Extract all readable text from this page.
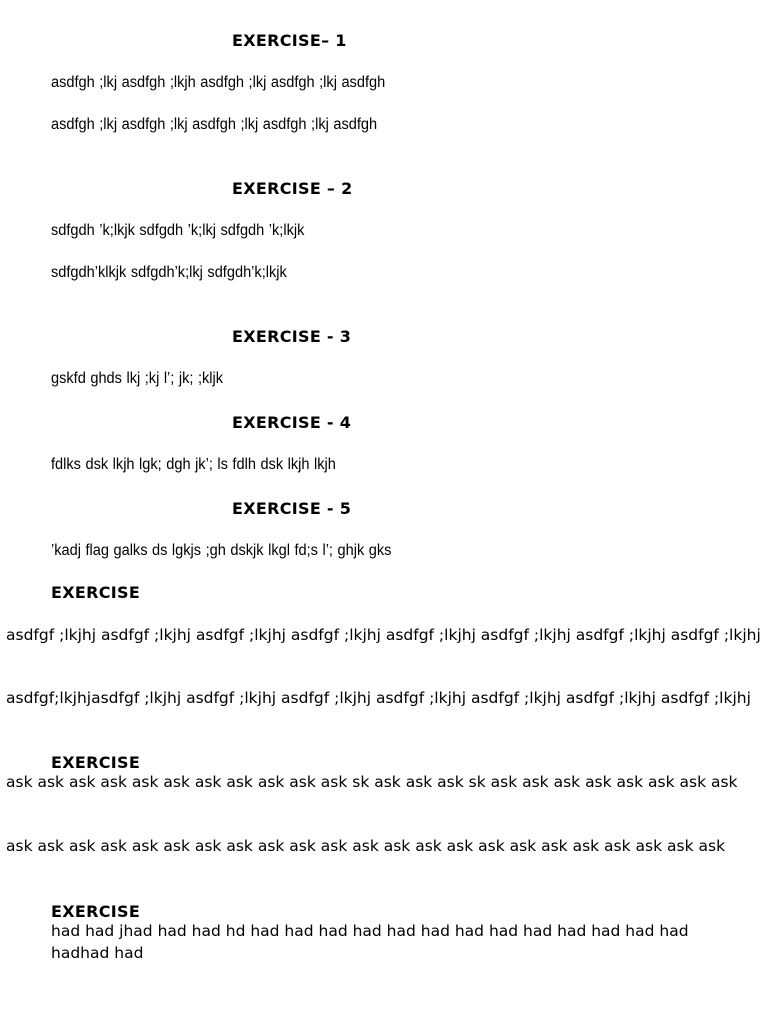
EXERCISE– 1
asdfgh ;lkj asdfgh ;lkjh asdfgh ;lkj asdfgh ;lkj asdfgh
asdfgh ;lkj asdfgh ;lkj asdfgh ;lkj asdfgh ;lkj asdfgh
EXERCISE – 2
sdfgdh ’k;lkjk sdfgdh ’k;lkj sdfgdh ’k;lkjk
sdfgdh’klkjk sdfgdh’k;lkj sdfgdh’k;lkjk
EXERCISE - 3
gskfd ghds lkj ;kj l’; jk; ;kljk
EXERCISE - 4
fdlks dsk lkjh lgk; dgh jk’; ls fdlh dsk lkjh lkjh
EXERCISE - 5
’kadj flag galks ds lgkjs ;gh dskjk lkgl fd;s l’; ghjk gks
EXERCISE

asdfgf ;lkjhj asdfgf ;lkjhj asdfgf ;lkjhj asdfgf ;lkjhj asdfgf ;lkjhj asdfgf ;lkjhj asdfgf ;lkjhj asdfgf ;lkjhj

asdfgf;lkjhjasdfgf ;lkjhj asdfgf ;lkjhj asdfgf ;lkjhj asdfgf ;lkjhj asdfgf ;lkjhj asdfgf ;lkjhj asdfgf ;lkjhj

EXERCISE

ask ask ask ask ask ask ask ask ask ask ask sk ask ask ask sk ask ask ask ask ask ask ask ask

ask ask ask ask ask ask ask ask ask ask ask ask ask ask ask ask ask ask ask ask ask ask ask

EXERCISE

had had jhad had had hd had had had had had had had had had had had had had hadhad had
